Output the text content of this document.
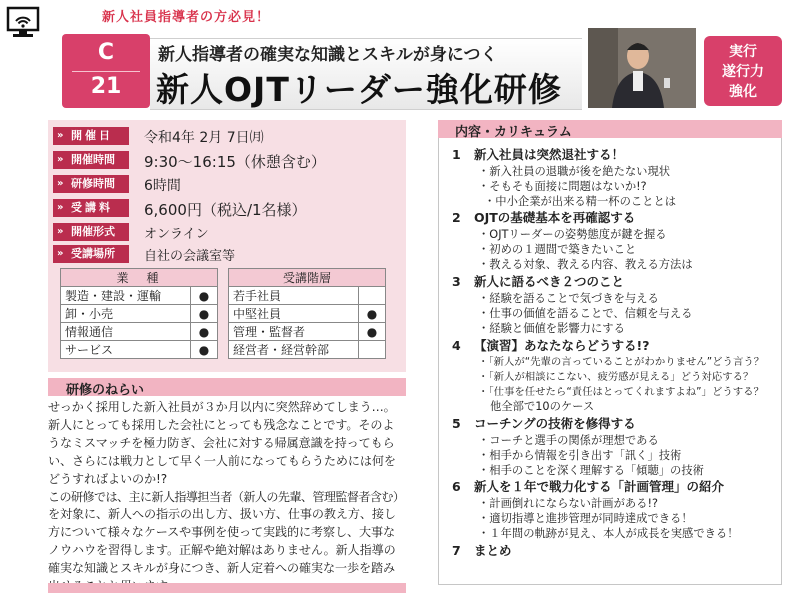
新人社員指導者の方必見！
C
21
新人指導者の確実な知識とスキルが身につく
新人OJTリーダー強化研修
実行
遂行力
強化
» 開催日	令和4年 2月 7日㈪
» 開催時間	9:30〜16:15（休憩含む）
» 研修時間	6時間
» 受講料	6,600円（税込/1名様）
» 開催形式	オンライン
» 受講場所	自社の会議室等
業　種	
製造・建設・運輸	●
卸・小売	●
情報通信	●
サービス	●
受講階層	
若手社員	
中堅社員	●
管理・監督者	●
経営者・経営幹部	
研修のねらい
せっかく採用した新入社員が３か月以内に突然辞めてしまう…。
新人にとっても採用した会社にとっても残念なことです。そのよ
うなミスマッチを極力防ぎ、会社に対する帰属意識を持ってもら
い、さらには戦力として早く一人前になってもらうためには何を
どうすればよいのか!?
この研修では、主に新人指導担当者（新人の先輩、管理監督者含む）
を対象に、新人への指示の出し方、扱い方、仕事の教え方、接し
方について様々なケースや事例を使って実践的に考察し、大事な
ノウハウを習得します。正解や絶対解はありません。新人指導の
確実な知識とスキルが身につき、新人定着への確実な一歩を踏み
内容・カリキュラム
1 新入社員は突然退社する！
・新入社員の退職が後を絶たない現状
・そもそも面接に問題はないか!?
・中小企業が出来る精一杯のこととは
2 OJTの基礎基本を再確認する
・OJTリーダーの姿勢態度が鍵を握る
・初めの１週間で築きたいこと
・教える対象、教える内容、教える方法は
3 新人に語るべき２つのこと
・経験を語ることで気づきを与える
・仕事の価値を語ることで、信頼を与える
・経験と価値を影響力にする
4 【演習】あなたならどうする!?
・「新人が“先輩の言っていることがわかりません”どう言う？
・「新人が相談にこない、疲労感が見える」どう対応する？
・「仕事を任せたら“責任はとってくれますよね”」どうする？
他全部で10のケース
5 コーチングの技術を修得する
・コーチと選手の関係が理想である
・相手から情報を引き出す「訊く」技術
・相手のことを深く理解する「傾聴」の技術
6 新人を１年で戦力化する「計画管理」の紹介
・計画倒れにならない計画がある!?
・適切指導と進捗管理が同時達成できる！
・１年間の軌跡が見え、本人が成長を実感できる！
7 まとめ
